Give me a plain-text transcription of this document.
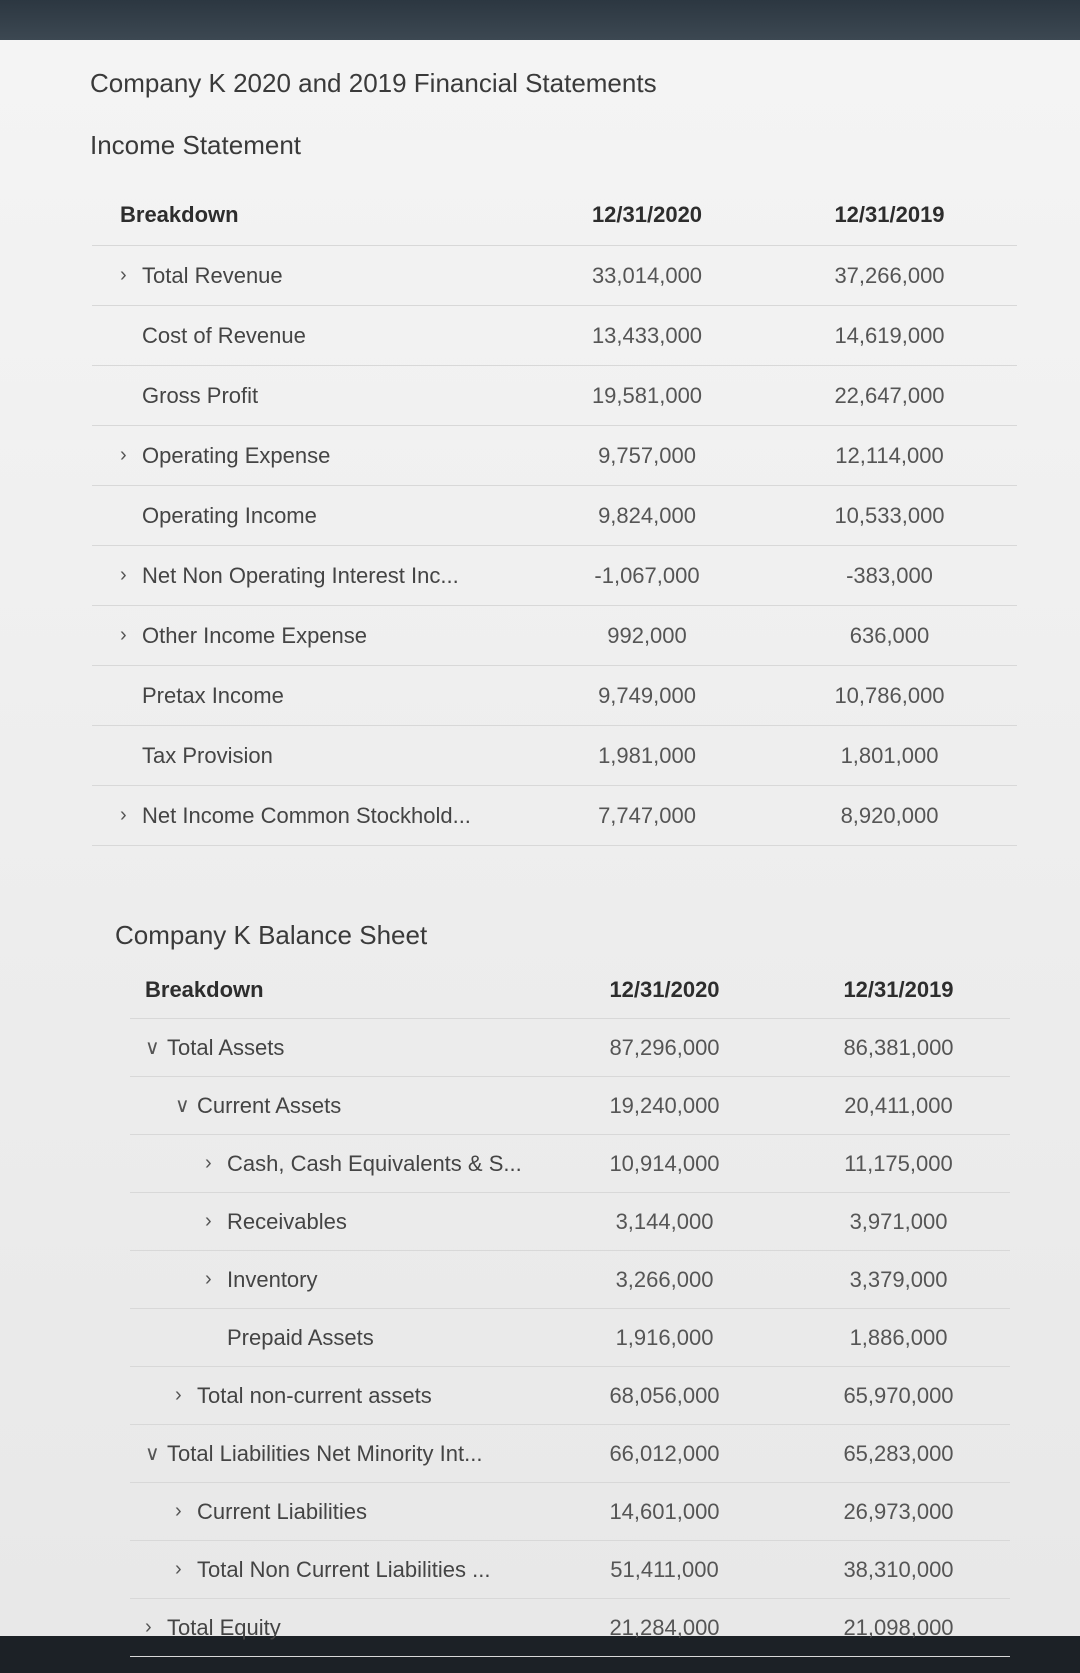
Company K 2020 and 2019 Financial Statements
Income Statement
Breakdown	12/31/2020	12/31/2019
› Total Revenue	33,014,000	37,266,000
Cost of Revenue	13,433,000	14,619,000
Gross Profit	19,581,000	22,647,000
› Operating Expense	9,757,000	12,114,000
Operating Income	9,824,000	10,533,000
› Net Non Operating Interest Inc...	-1,067,000	-383,000
› Other Income Expense	992,000	636,000
Pretax Income	9,749,000	10,786,000
Tax Provision	1,981,000	1,801,000
› Net Income Common Stockhold...	7,747,000	8,920,000
Company K Balance Sheet
Breakdown	12/31/2020	12/31/2019
∨ Total Assets	87,296,000	86,381,000
∨ Current Assets	19,240,000	20,411,000
› Cash, Cash Equivalents & S...	10,914,000	11,175,000
› Receivables	3,144,000	3,971,000
› Inventory	3,266,000	3,379,000
Prepaid Assets	1,916,000	1,886,000
› Total non-current assets	68,056,000	65,970,000
∨ Total Liabilities Net Minority Int...	66,012,000	65,283,000
› Current Liabilities	14,601,000	26,973,000
› Total Non Current Liabilities ...	51,411,000	38,310,000
› Total Equity	21,284,000	21,098,000
